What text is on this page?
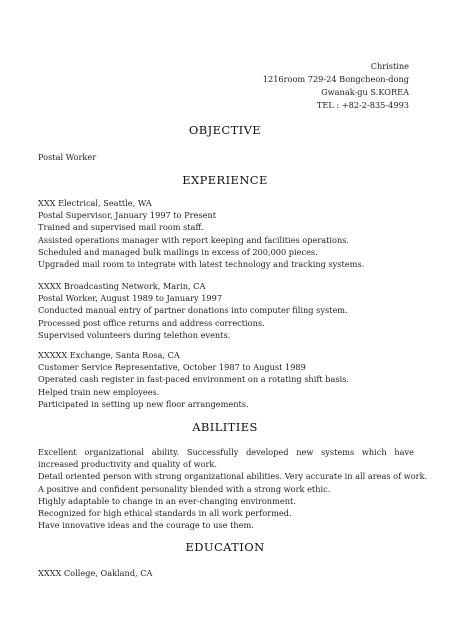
Christine
1216room 729-24 Bongcheon-dong
Gwanak-gu S.KOREA
TEL : +82-2-835-4993
OBJECTIVE
Postal Worker
EXPERIENCE
XXX Electrical, Seattle, WA
Postal Supervisor, January 1997 to Present
Trained and supervised mail room staff.
Assisted operations manager with report keeping and facilities operations.
Scheduled and managed bulk mailings in excess of 200,000 pieces.
Upgraded mail room to integrate with latest technology and tracking systems.
XXXX Broadcasting Network, Marin, CA
Postal Worker, August 1989 to January 1997
Conducted manual entry of partner donations into computer filing system.
Processed post office returns and address corrections.
Supervised volunteers during telethon events.
XXXXX Exchange, Santa Rosa, CA
Customer Service Representative, October 1987 to August 1989
Operated cash register in fast-paced environment on a rotating shift basis.
Helped train new employees.
Participated in setting up new floor arrangements.
ABILITIES
Excellent organizational ability. Successfully developed new systems which have increased productivity and quality of work.
Detail oriented person with strong organizational abilities. Very accurate in all areas of work.
A positive and confident personality blended with a strong work ethic.
Highly adaptable to change in an ever-changing environment.
Recognized for high ethical standards in all work performed.
Have innovative ideas and the courage to use them.
EDUCATION
XXXX College, Oakland, CA
